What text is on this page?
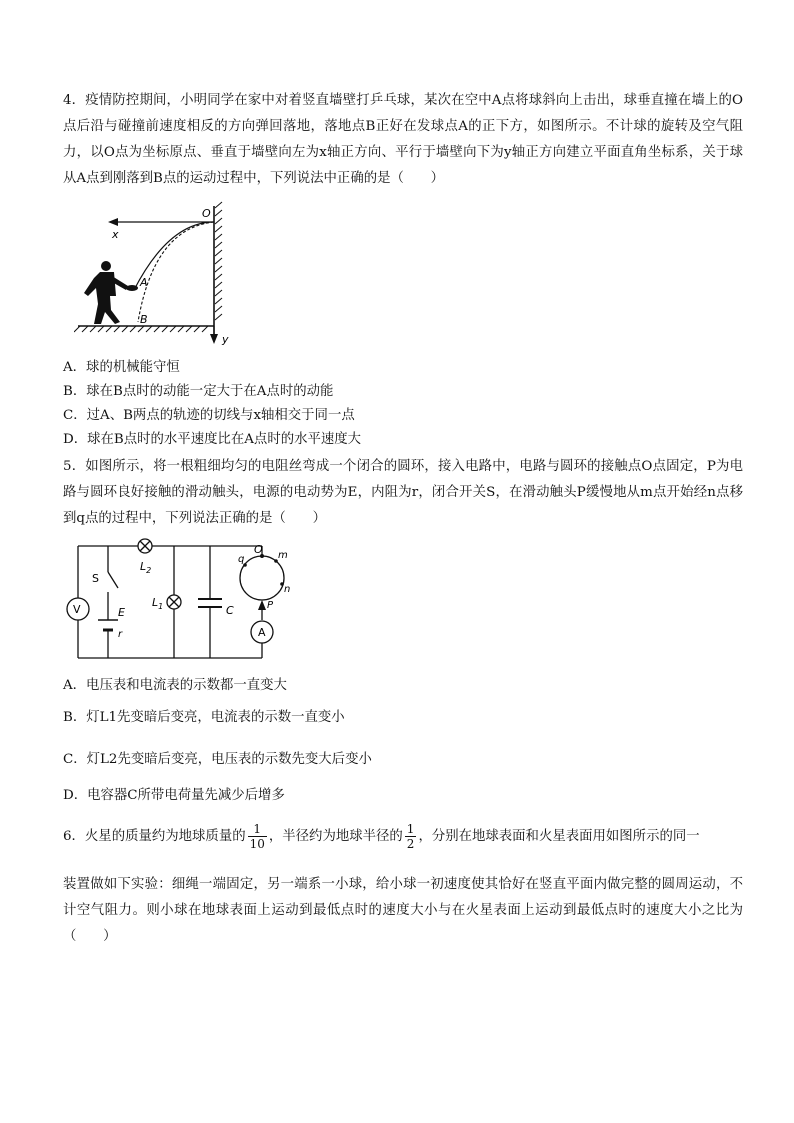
4．疫情防控期间，小明同学在家中对着竖直墙壁打乒乓球，某次在空中A点将球斜向上击出，球垂直撞在墙上的O点后沿与碰撞前速度相反的方向弹回落地，落地点B正好在发球点A的正下方，如图所示。不计球的旋转及空气阻力，以O点为坐标原点、垂直于墙壁向左为x轴正方向、平行于墙壁向下为y轴正方向建立平面直角坐标系，关于球从A点到刚落到B点的运动过程中，下列说法中正确的是（　　）
x
y
O
A
B
A．球的机械能守恒
B．球在B点时的动能一定大于在A点时的动能
C．过A、B两点的轨迹的切线与x轴相交于同一点
D．球在B点时的水平速度比在A点时的水平速度大
5．如图所示，将一根粗细均匀的电阻丝弯成一个闭合的圆环，接入电路中，电路与圆环的接触点O点固定，P为电路与圆环良好接触的滑动触头，电源的电动势为E，内阻为r，闭合开关S，在滑动触头P缓慢地从m点开始经n点移到q点的过程中，下列说法正确的是（　　）
V
S
E
r
$L_2$
$L_1$	C
A
O
q	m
n
P
A．电压表和电流表的示数都一直变大
B．灯L1先变暗后变亮，电流表的示数一直变小
C．灯L2先变暗后变亮，电压表的示数先变大后变小
D．电容器C所带电荷量先减少后增多
6．火星的质量约为地球质量的 $\frac{1}{10}$ ，半径约为地球半径的 $\frac{1}{2}$ ，分别在地球表面和火星表面用如图所示的同一
装置做如下实验：细绳一端固定，另一端系一小球，给小球一初速度使其恰好在竖直平面内做完整的圆周运动，不计空气阻力。则小球在地球表面上运动到最低点时的速度大小与在火星表面上运动到最低点时的速度大小之比为（　　）
